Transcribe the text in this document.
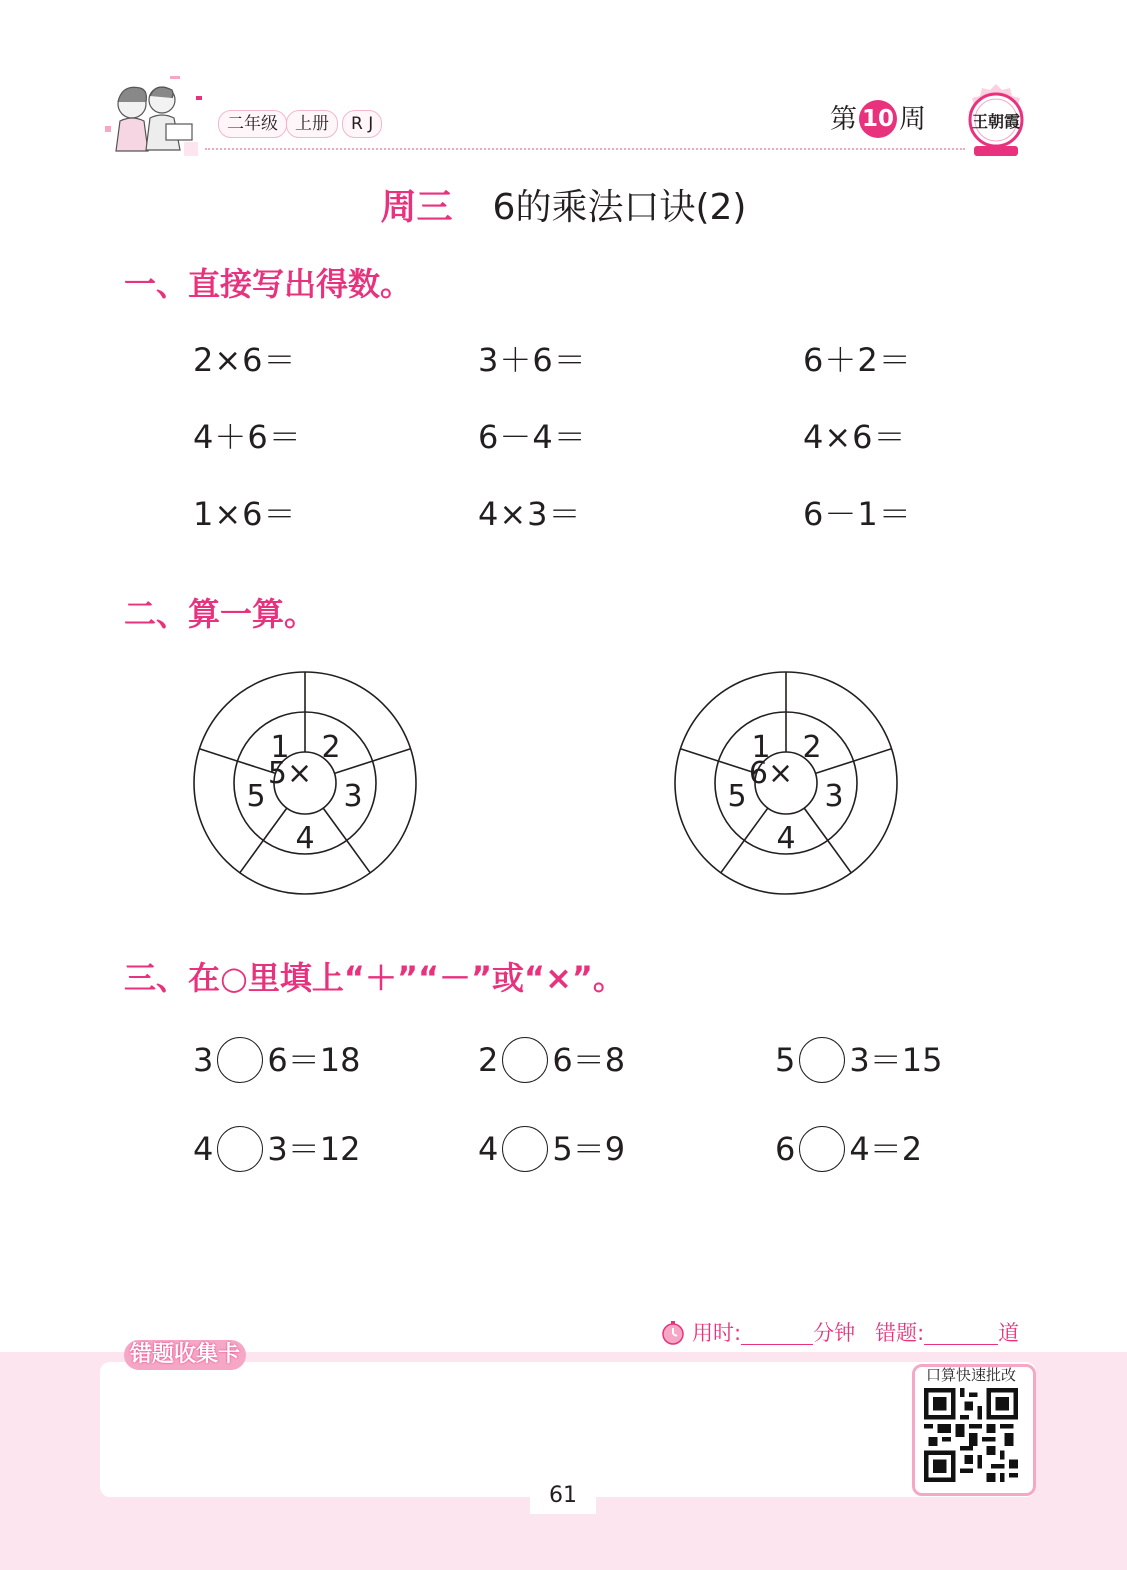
二年级	上册	R J	第 10 周	王朝霞
周三 6的乘法口诀(2)
一、直接写出得数。
2×6＝	3＋6＝	6＋2＝
4＋6＝	6－4＝	4×6＝
1×6＝	4×3＝	6－1＝
二、算一算。
5×
1 2
3
4
5
6×
1 2
3
4
5
三、在○里填上“＋”“－”或“×”。
3 6＝18	2 6＝8	5 3＝15
4 3＝12	4 5＝9	6 4＝2
用时:	分钟 错题:	道
错题收集卡
口算快速批改
61
